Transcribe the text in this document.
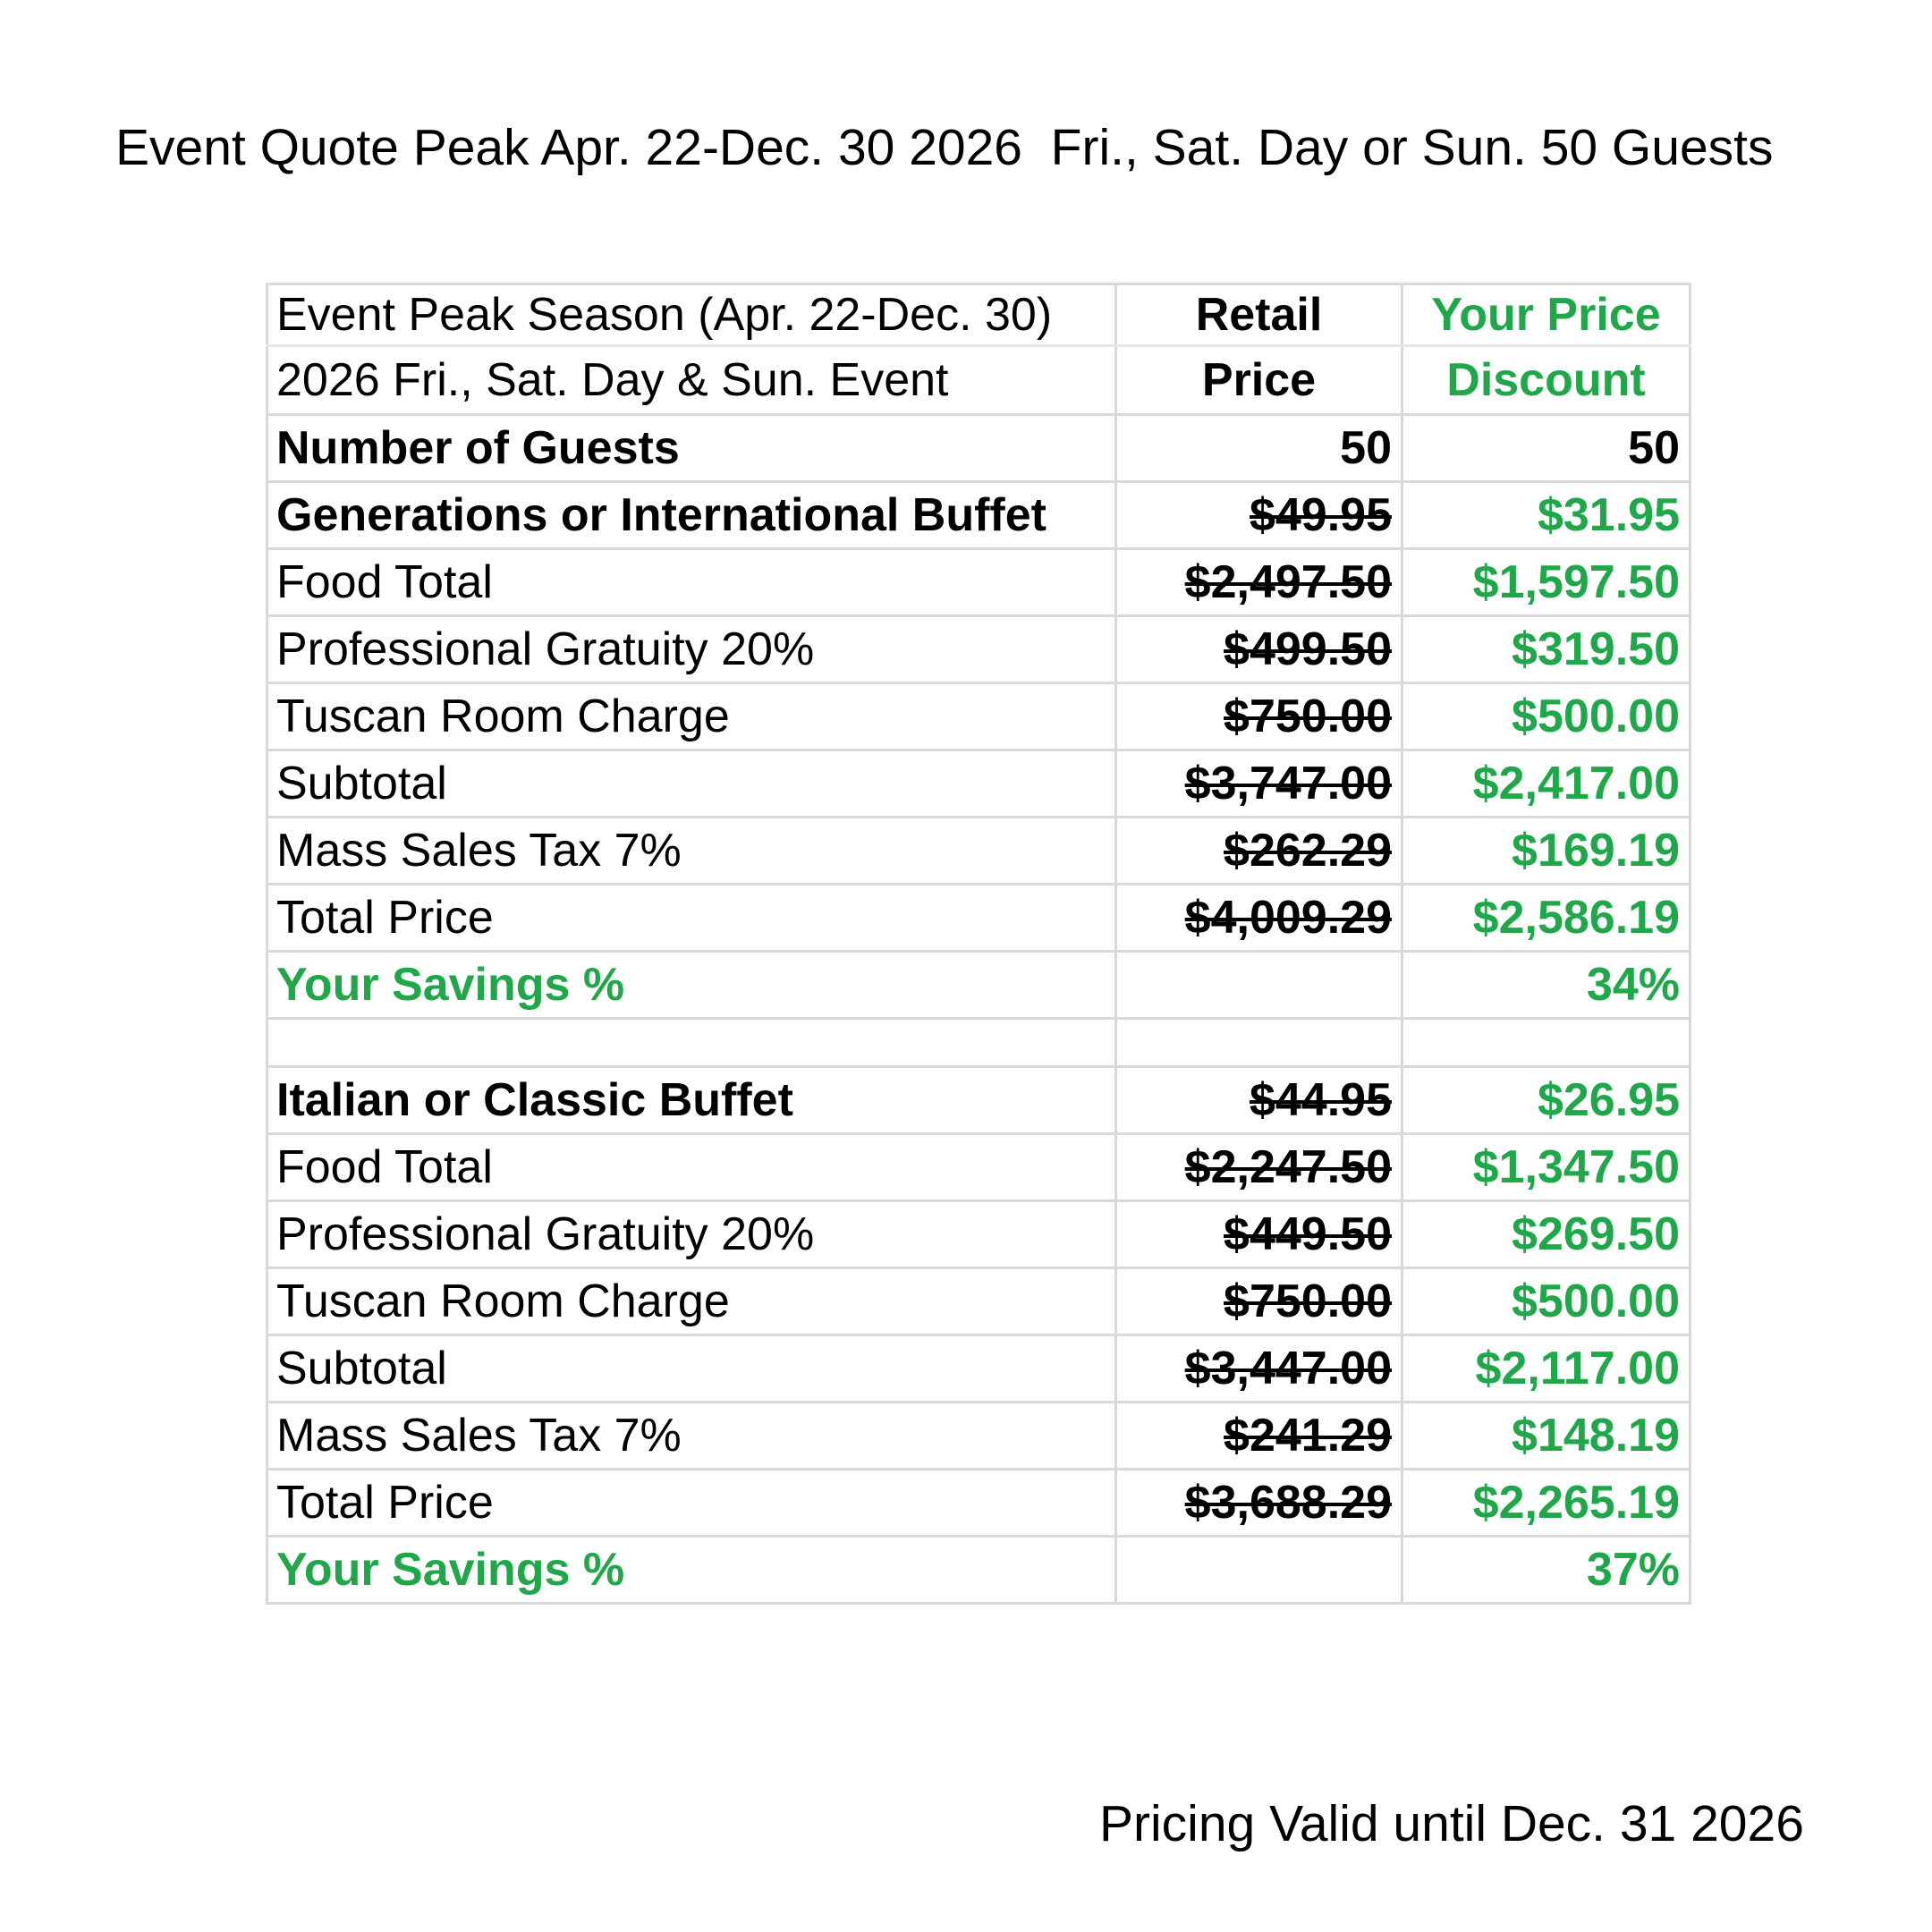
Event Quote Peak Apr. 22-Dec. 30 2026  Fri., Sat. Day or Sun. 50 Guests
Event Peak Season (Apr. 22-Dec. 30)	Retail	Your Price
2026 Fri., Sat. Day & Sun. Event	Price	Discount
Number of Guests	50	50
Generations or International Buffet	$49.95	$31.95
Food Total	$2,497.50	$1,597.50
Professional Gratuity 20%	$499.50	$319.50
Tuscan Room Charge	$750.00	$500.00
Subtotal	$3,747.00	$2,417.00
Mass Sales Tax 7%	$262.29	$169.19
Total Price	$4,009.29	$2,586.19
Your Savings %		34%

Italian or Classic Buffet	$44.95	$26.95
Food Total	$2,247.50	$1,347.50
Professional Gratuity 20%	$449.50	$269.50
Tuscan Room Charge	$750.00	$500.00
Subtotal	$3,447.00	$2,117.00
Mass Sales Tax 7%	$241.29	$148.19
Total Price	$3,688.29	$2,265.19
Your Savings %		37%
Pricing Valid until Dec. 31 2026
